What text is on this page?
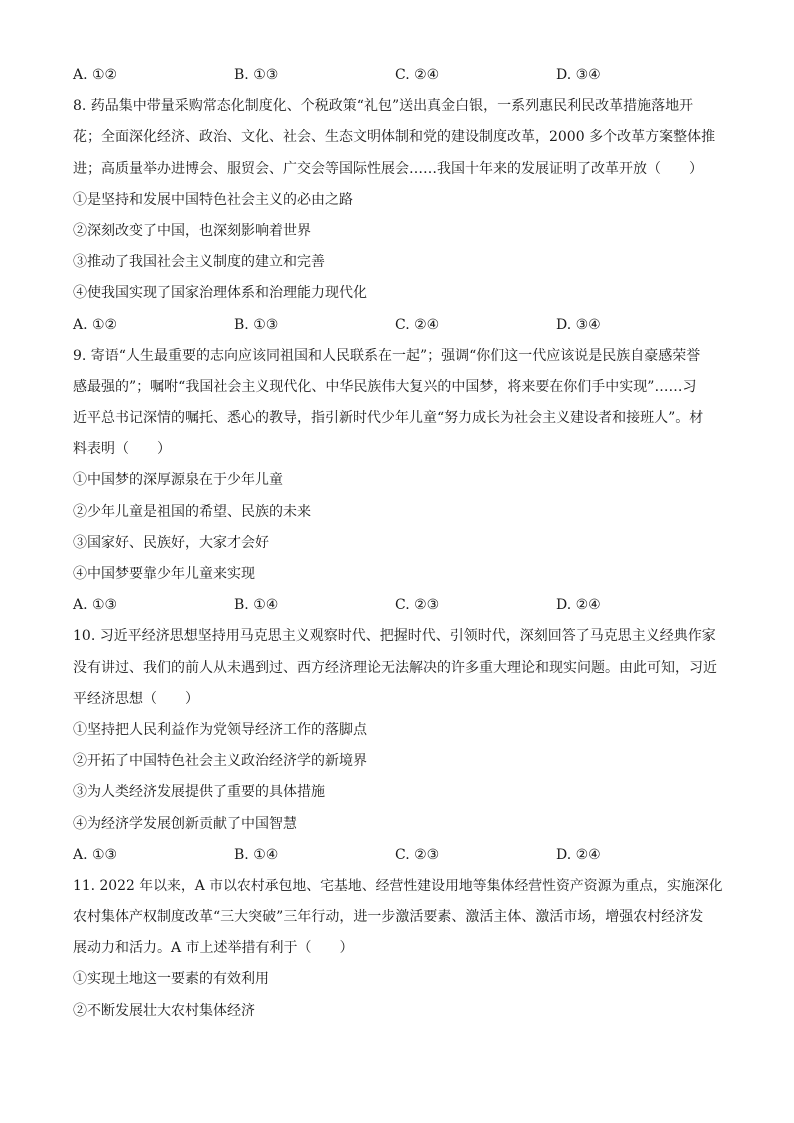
A. ①②	B. ①③	C. ②④	D. ③④
8. 药品集中带量采购常态化制度化、个税政策“礼包”送出真金白银，一系列惠民利民改革措施落地开
花；全面深化经济、政治、文化、社会、生态文明体制和党的建设制度改革，2000 多个改革方案整体推
进；高质量举办进博会、服贸会、广交会等国际性展会……我国十年来的发展证明了改革开放（　　）
①是坚持和发展中国特色社会主义的必由之路
②深刻改变了中国，也深刻影响着世界
③推动了我国社会主义制度的建立和完善
④使我国实现了国家治理体系和治理能力现代化
A. ①②	B. ①③	C. ②④	D. ③④
9. 寄语“人生最重要的志向应该同祖国和人民联系在一起”；强调“你们这一代应该说是民族自豪感荣誉
感最强的”；嘱咐“我国社会主义现代化、中华民族伟大复兴的中国梦，将来要在你们手中实现”……习
近平总书记深情的嘱托、悉心的教导，指引新时代少年儿童“努力成长为社会主义建设者和接班人”。材
料表明（　　）
①中国梦的深厚源泉在于少年儿童
②少年儿童是祖国的希望、民族的未来
③国家好、民族好，大家才会好
④中国梦要靠少年儿童来实现
A. ①③	B. ①④	C. ②③	D. ②④
10. 习近平经济思想坚持用马克思主义观察时代、把握时代、引领时代，深刻回答了马克思主义经典作家
没有讲过、我们的前人从未遇到过、西方经济理论无法解决的许多重大理论和现实问题。由此可知，习近
平经济思想（　　）
①坚持把人民利益作为党领导经济工作的落脚点
②开拓了中国特色社会主义政治经济学的新境界
③为人类经济发展提供了重要的具体措施
④为经济学发展创新贡献了中国智慧
A. ①③	B. ①④	C. ②③	D. ②④
11. 2022 年以来，A 市以农村承包地、宅基地、经营性建设用地等集体经营性资产资源为重点，实施深化
农村集体产权制度改革“三大突破”三年行动，进一步激活要素、激活主体、激活市场，增强农村经济发
展动力和活力。A 市上述举措有利于（　　）
①实现土地这一要素的有效利用
②不断发展壮大农村集体经济
